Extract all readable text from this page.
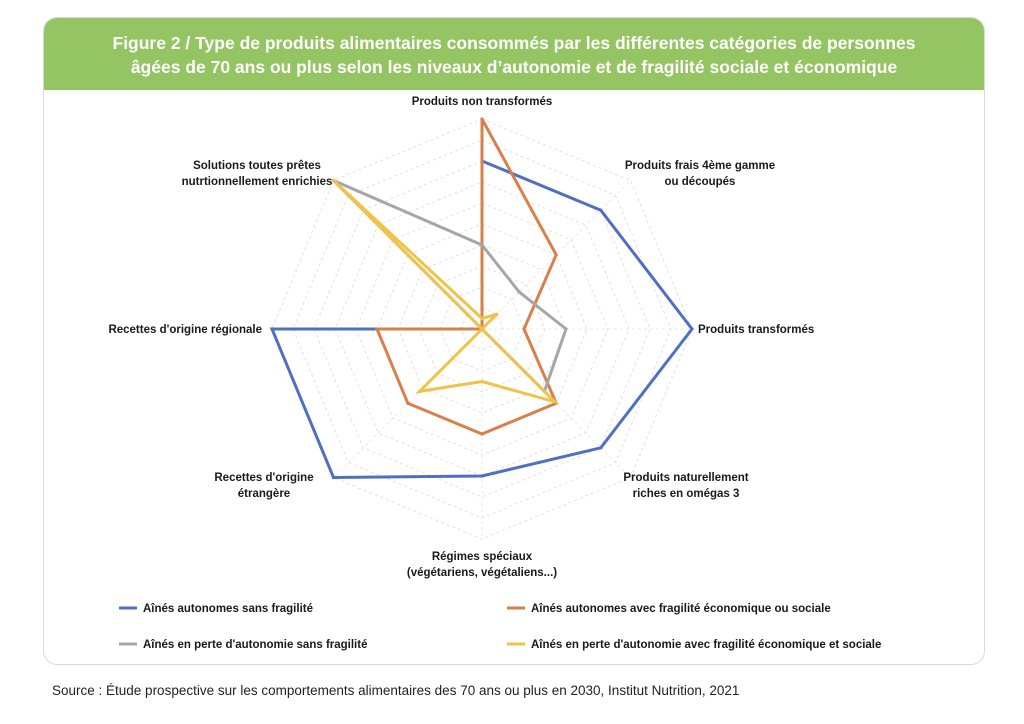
Figure 2 / Type de produits alimentaires consommés par les différentes catégories de personnes
âgées de 70 ans ou plus selon les niveaux d’autonomie et de fragilité sociale et économique
Produits non transformés
Produits frais 4ème gamme
ou découpés
Produits transformés
Produits naturellement
riches en omégas 3
Régimes spéciaux
(végétariens, végétaliens...)
Recettes d'origine
étrangère
Recettes d'origine régionale
Solutions toutes prêtes
nutrtionnellement enrichies
Aînés autonomes sans fragilité	Aînés autonomes avec fragilité économique ou sociale
Aînés en perte d'autonomie sans fragilité	Aînés en perte d'autonomie avec fragilité économique et sociale
Source : Étude prospective sur les comportements alimentaires des 70 ans ou plus en 2030, Institut Nutrition, 2021
